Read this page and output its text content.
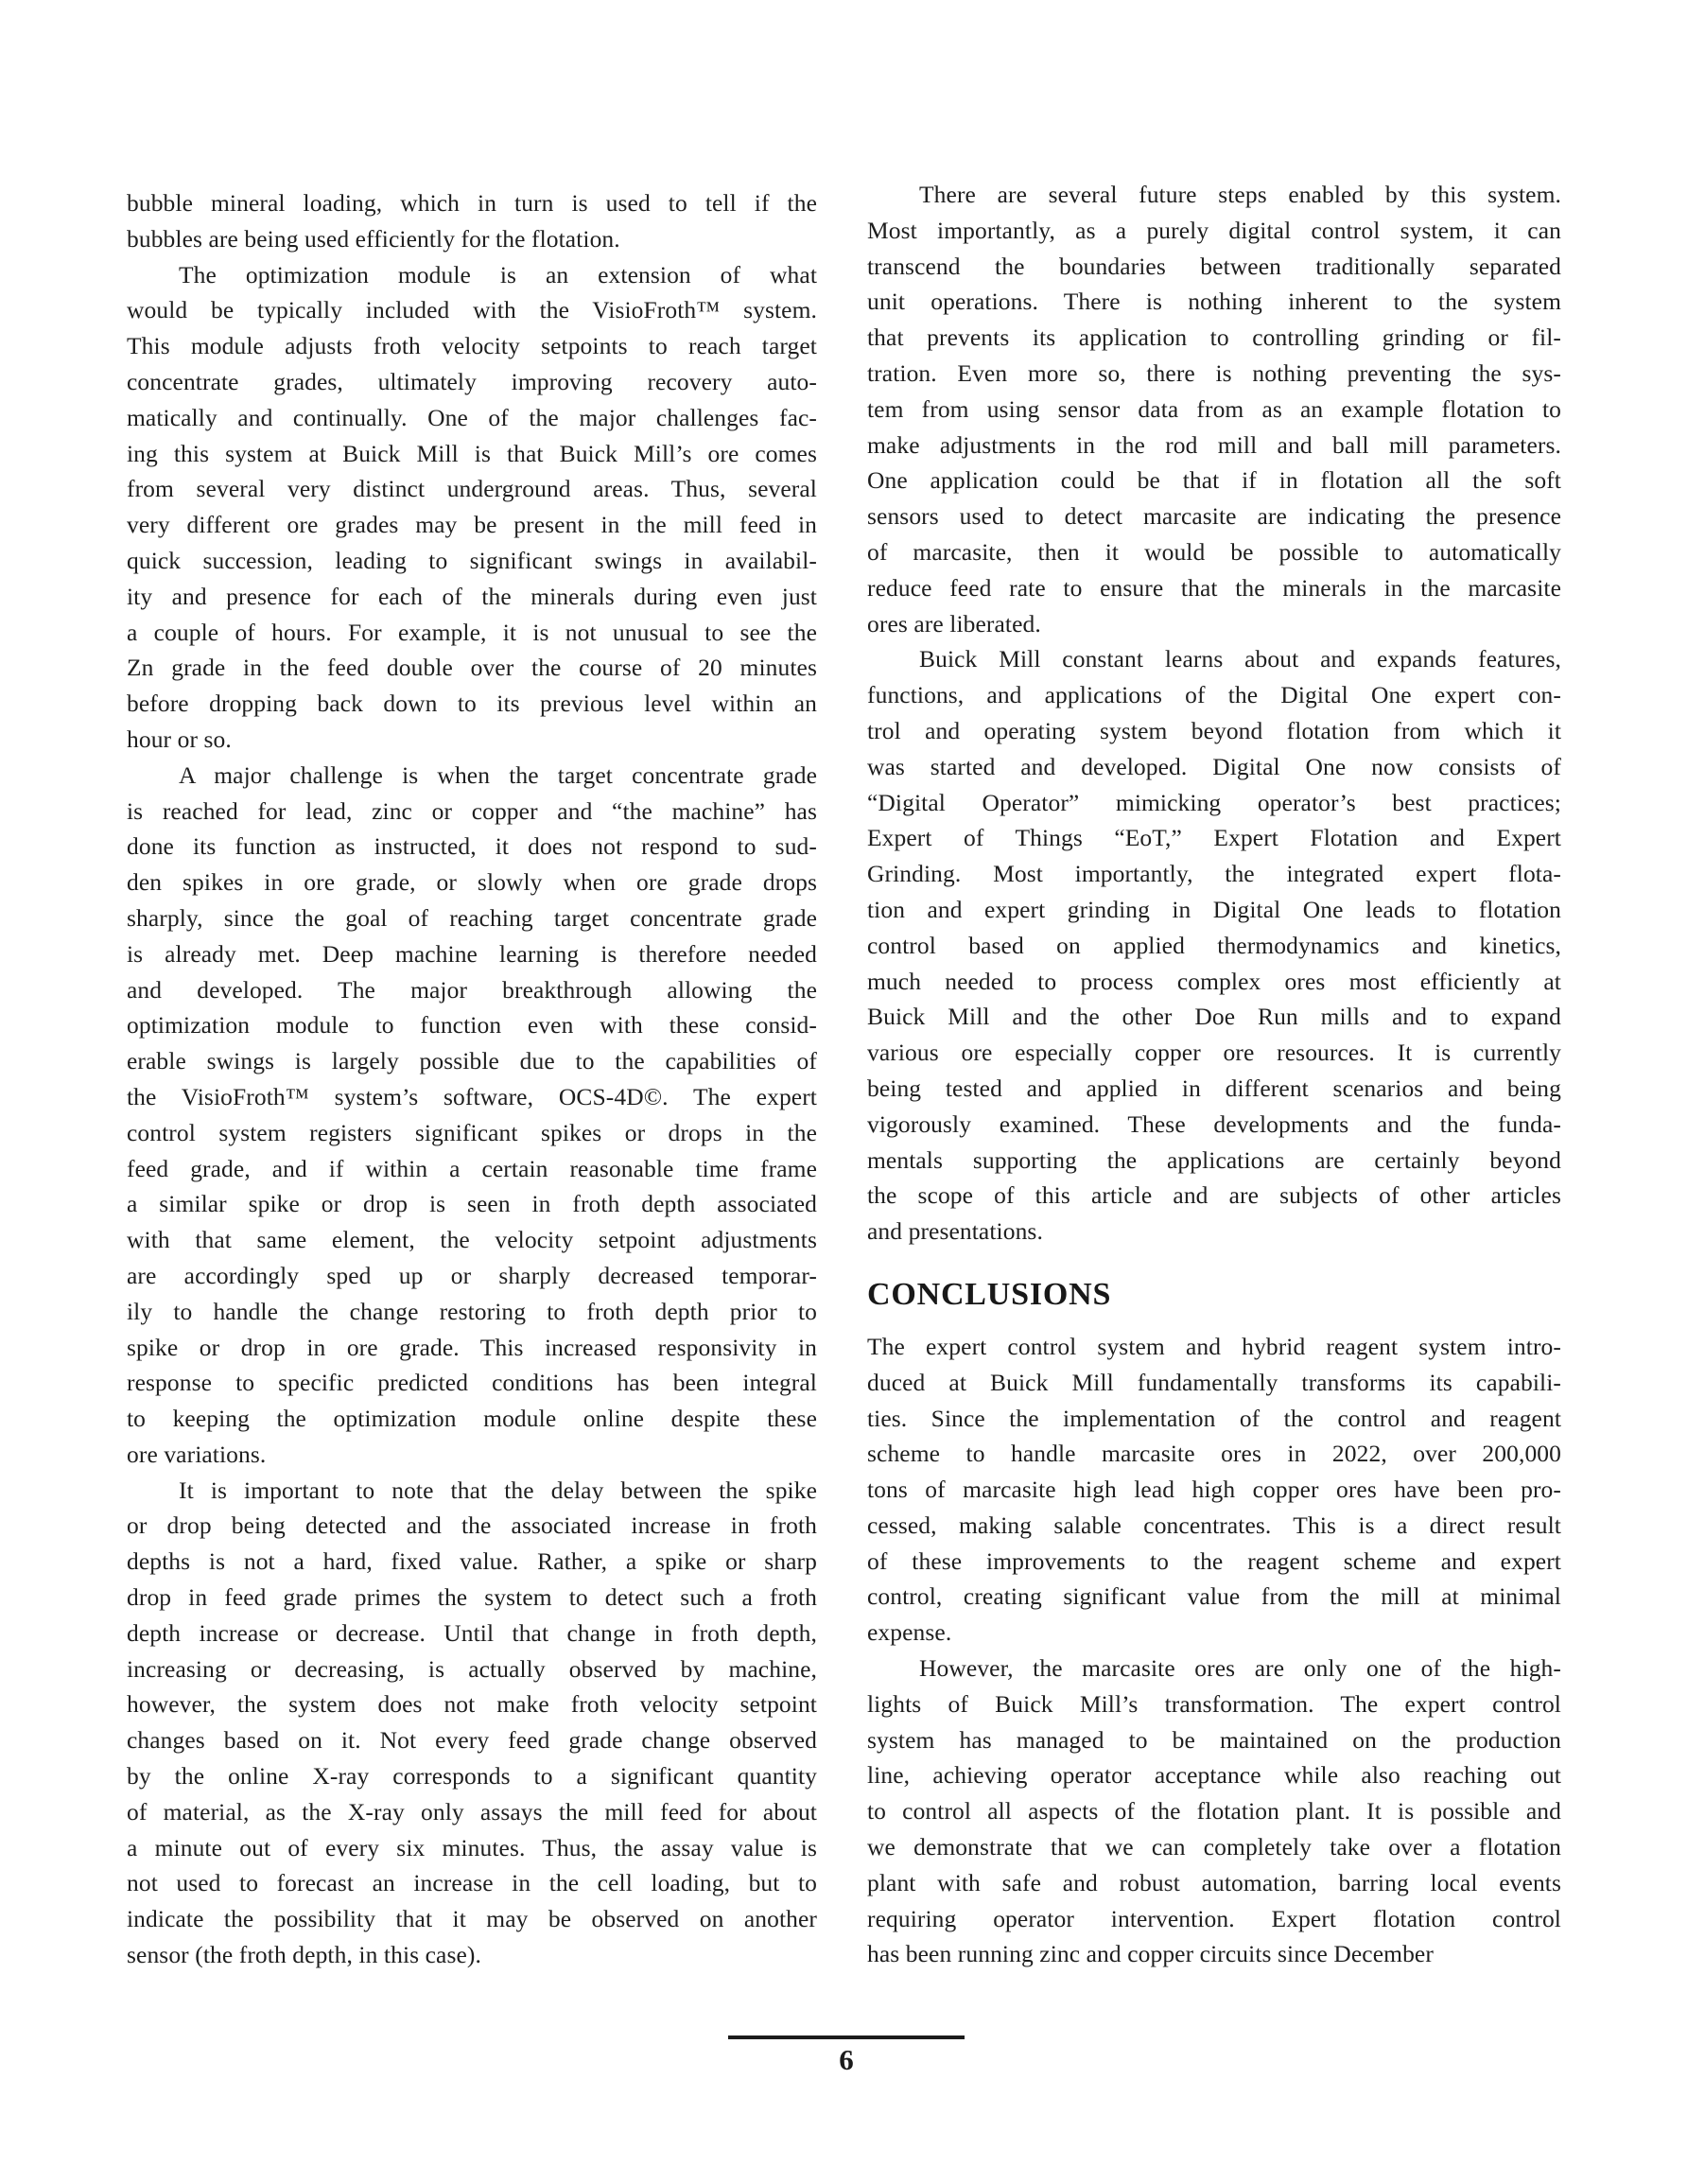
bubble mineral loading, which in turn is used to tell if the
bubbles are being used efficiently for the flotation.
The optimization module is an extension of what
would be typically included with the VisioFroth™ system.
This module adjusts froth velocity setpoints to reach target
concentrate grades, ultimately improving recovery auto-
matically and continually. One of the major challenges fac-
ing this system at Buick Mill is that Buick Mill’s ore comes
from several very distinct underground areas. Thus, several
very different ore grades may be present in the mill feed in
quick succession, leading to significant swings in availabil-
ity and presence for each of the minerals during even just
a couple of hours. For example, it is not unusual to see the
Zn grade in the feed double over the course of 20 minutes
before dropping back down to its previous level within an
hour or so.
A major challenge is when the target concentrate grade
is reached for lead, zinc or copper and “the machine” has
done its function as instructed, it does not respond to sud-
den spikes in ore grade, or slowly when ore grade drops
sharply, since the goal of reaching target concentrate grade
is already met. Deep machine learning is therefore needed
and developed. The major breakthrough allowing the
optimization module to function even with these consid-
erable swings is largely possible due to the capabilities of
the VisioFroth™ system’s software, OCS-4D©. The expert
control system registers significant spikes or drops in the
feed grade, and if within a certain reasonable time frame
a similar spike or drop is seen in froth depth associated
with that same element, the velocity setpoint adjustments
are accordingly sped up or sharply decreased temporar-
ily to handle the change restoring to froth depth prior to
spike or drop in ore grade. This increased responsivity in
response to specific predicted conditions has been integral
to keeping the optimization module online despite these
ore variations.
It is important to note that the delay between the spike
or drop being detected and the associated increase in froth
depths is not a hard, fixed value. Rather, a spike or sharp
drop in feed grade primes the system to detect such a froth
depth increase or decrease. Until that change in froth depth,
increasing or decreasing, is actually observed by machine,
however, the system does not make froth velocity setpoint
changes based on it. Not every feed grade change observed
by the online X-ray corresponds to a significant quantity
of material, as the X-ray only assays the mill feed for about
a minute out of every six minutes. Thus, the assay value is
not used to forecast an increase in the cell loading, but to
indicate the possibility that it may be observed on another
sensor (the froth depth, in this case).
There are several future steps enabled by this system.
Most importantly, as a purely digital control system, it can
transcend the boundaries between traditionally separated
unit operations. There is nothing inherent to the system
that prevents its application to controlling grinding or fil-
tration. Even more so, there is nothing preventing the sys-
tem from using sensor data from as an example flotation to
make adjustments in the rod mill and ball mill parameters.
One application could be that if in flotation all the soft
sensors used to detect marcasite are indicating the presence
of marcasite, then it would be possible to automatically
reduce feed rate to ensure that the minerals in the marcasite
ores are liberated.
Buick Mill constant learns about and expands features,
functions, and applications of the Digital One expert con-
trol and operating system beyond flotation from which it
was started and developed. Digital One now consists of
“Digital Operator” mimicking operator’s best practices;
Expert of Things “EoT,” Expert Flotation and Expert
Grinding. Most importantly, the integrated expert flota-
tion and expert grinding in Digital One leads to flotation
control based on applied thermodynamics and kinetics,
much needed to process complex ores most efficiently at
Buick Mill and the other Doe Run mills and to expand
various ore especially copper ore resources. It is currently
being tested and applied in different scenarios and being
vigorously examined. These developments and the funda-
mentals supporting the applications are certainly beyond
the scope of this article and are subjects of other articles
and presentations.
CONCLUSIONS
The expert control system and hybrid reagent system intro-
duced at Buick Mill fundamentally transforms its capabili-
ties. Since the implementation of the control and reagent
scheme to handle marcasite ores in 2022, over 200,000
tons of marcasite high lead high copper ores have been pro-
cessed, making salable concentrates. This is a direct result
of these improvements to the reagent scheme and expert
control, creating significant value from the mill at minimal
expense.
However, the marcasite ores are only one of the high-
lights of Buick Mill’s transformation. The expert control
system has managed to be maintained on the production
line, achieving operator acceptance while also reaching out
to control all aspects of the flotation plant. It is possible and
we demonstrate that we can completely take over a flotation
plant with safe and robust automation, barring local events
requiring operator intervention. Expert flotation control
has been running zinc and copper circuits since December
6
